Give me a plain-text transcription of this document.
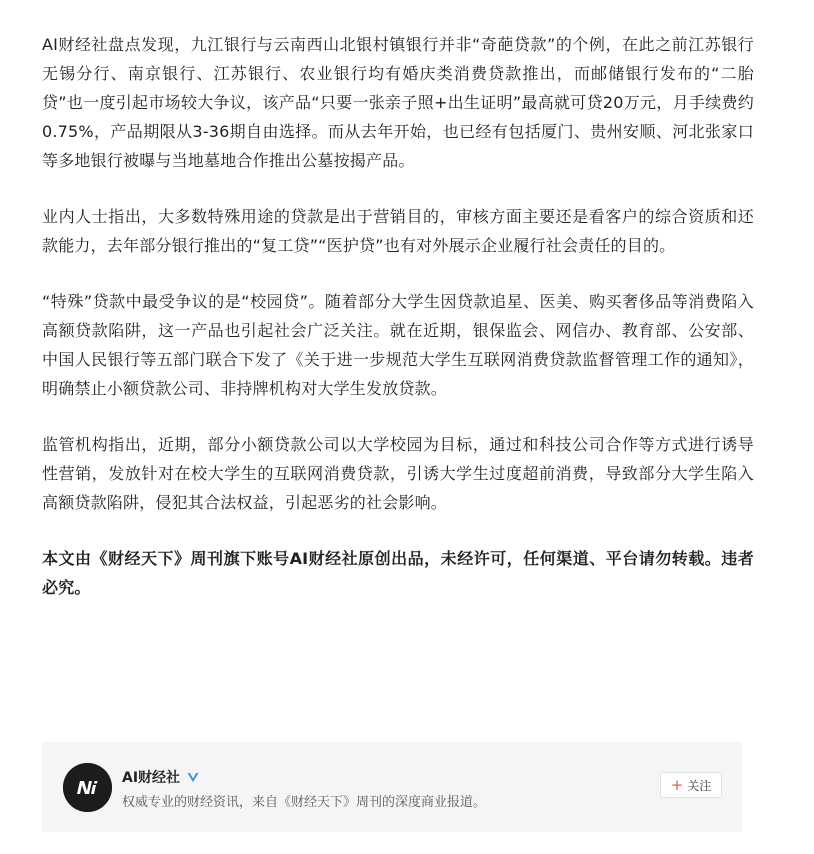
AI财经社盘点发现，九江银行与云南西山北银村镇银行并非“奇葩贷款”的个例，在此之前江苏银行无锡分行、南京银行、江苏银行、农业银行均有婚庆类消费贷款推出，而邮储银行发布的“二胎贷”也一度引起市场较大争议，该产品“只要一张亲子照+出生证明”最高就可贷20万元，月手续费约0.75%，产品期限从3-36期自由选择。而从去年开始，也已经有包括厦门、贵州安顺、河北张家口等多地银行被曝与当地墓地合作推出公墓按揭产品。

业内人士指出，大多数特殊用途的贷款是出于营销目的，审核方面主要还是看客户的综合资质和还款能力，去年部分银行推出的“复工贷”“医护贷”也有对外展示企业履行社会责任的目的。

“特殊”贷款中最受争议的是“校园贷”。随着部分大学生因贷款追星、医美、购买奢侈品等消费陷入高额贷款陷阱，这一产品也引起社会广泛关注。就在近期，银保监会、网信办、教育部、公安部、中国人民银行等五部门联合下发了《关于进一步规范大学生互联网消费贷款监督管理工作的通知》，明确禁止小额贷款公司、非持牌机构对大学生发放贷款。

监管机构指出，近期，部分小额贷款公司以大学校园为目标，通过和科技公司合作等方式进行诱导性营销，发放针对在校大学生的互联网消费贷款，引诱大学生过度超前消费，导致部分大学生陷入高额贷款陷阱，侵犯其合法权益，引起恶劣的社会影响。

本文由《财经天下》周刊旗下账号AI财经社原创出品，未经许可，任何渠道、平台请勿转载。违者必究。

AI财经社
权威专业的财经资讯，来自《财经天下》周刊的深度商业报道。
+ 关注
